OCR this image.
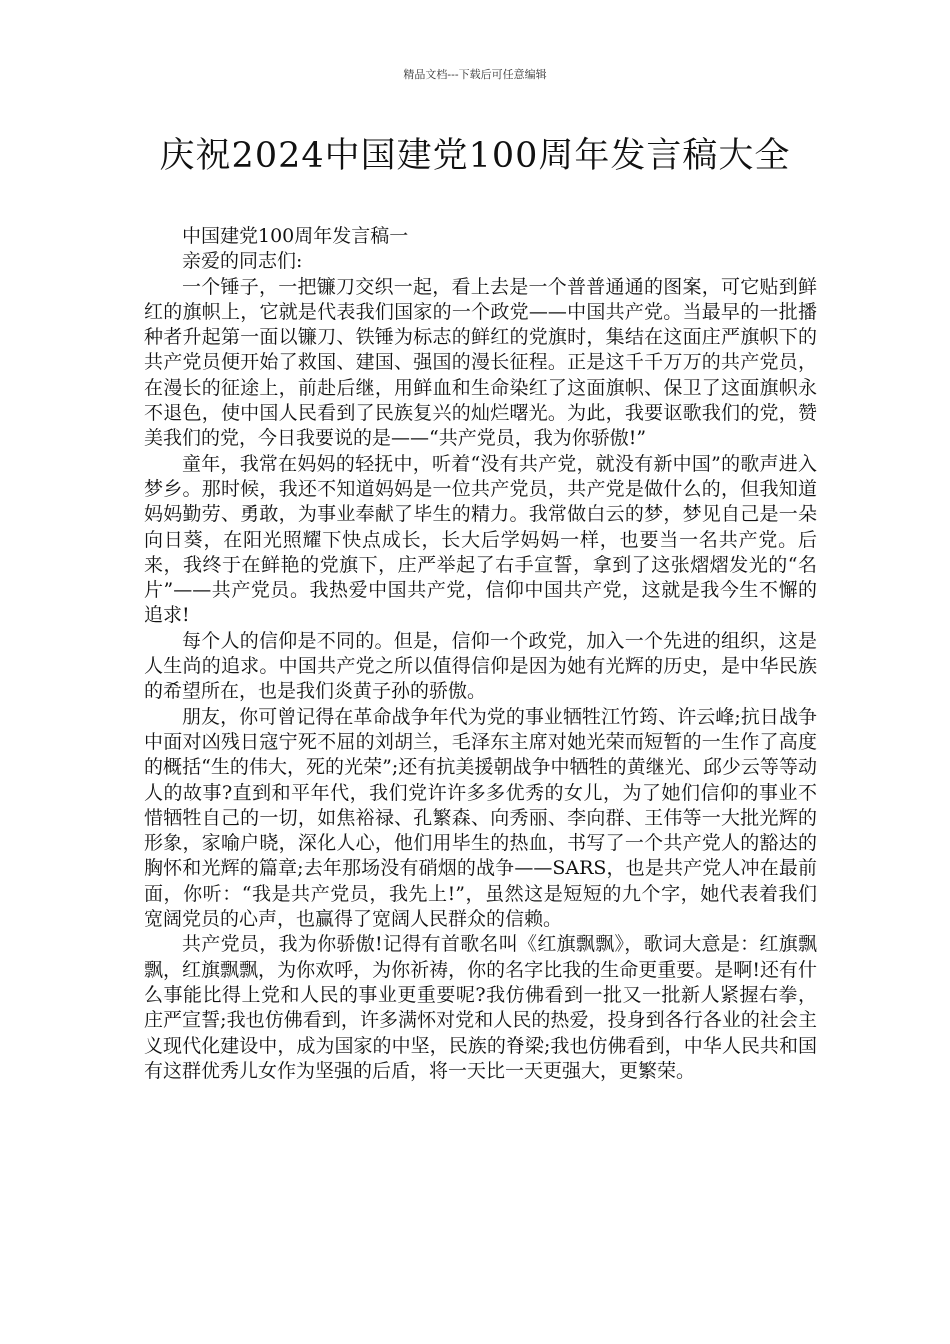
精品文档---下载后可任意编辑
庆祝2024中国建党100周年发言稿大全

中国建党100周年发言稿一

亲爱的同志们:

一个锤子，一把镰刀交织一起，看上去是一个普普通通的图案，可它贴到鲜红的旗帜上，它就是代表我们国家的一个政党——中国共产党。当最早的一批播种者升起第一面以镰刀、铁锤为标志的鲜红的党旗时，集结在这面庄严旗帜下的共产党员便开始了救国、建国、强国的漫长征程。正是这千千万万的共产党员，在漫长的征途上，前赴后继，用鲜血和生命染红了这面旗帜、保卫了这面旗帜永不退色，使中国人民看到了民族复兴的灿烂曙光。为此，我要讴歌我们的党，赞美我们的党，今日我要说的是——“共产党员，我为你骄傲!”

童年，我常在妈妈的轻抚中，听着“没有共产党，就没有新中国”的歌声进入梦乡。那时候，我还不知道妈妈是一位共产党员，共产党是做什么的，但我知道妈妈勤劳、勇敢，为事业奉献了毕生的精力。我常做白云的梦，梦见自己是一朵向日葵，在阳光照耀下快点成长，长大后学妈妈一样，也要当一名共产党。后来，我终于在鲜艳的党旗下，庄严举起了右手宣誓，拿到了这张熠熠发光的“名片”——共产党员。我热爱中国共产党，信仰中国共产党，这就是我今生不懈的追求!

每个人的信仰是不同的。但是，信仰一个政党，加入一个先进的组织，这是人生尚的追求。中国共产党之所以值得信仰是因为她有光辉的历史，是中华民族的希望所在，也是我们炎黄子孙的骄傲。

朋友，你可曾记得在革命战争年代为党的事业牺牲江竹筠、许云峰;抗日战争中面对凶残日寇宁死不屈的刘胡兰，毛泽东主席对她光荣而短暂的一生作了高度的概括“生的伟大，死的光荣”;还有抗美援朝战争中牺牲的黄继光、邱少云等等动人的故事?直到和平年代，我们党许许多多优秀的女儿，为了她们信仰的事业不惜牺牲自己的一切，如焦裕禄、孔繁森、向秀丽、李向群、王伟等一大批光辉的形象，家喻户晓，深化人心，他们用毕生的热血，书写了一个共产党人的豁达的胸怀和光辉的篇章;去年那场没有硝烟的战争——SARS，也是共产党人冲在最前面，你听：“我是共产党员，我先上!”，虽然这是短短的九个字，她代表着我们宽阔党员的心声，也赢得了宽阔人民群众的信赖。

共产党员，我为你骄傲!记得有首歌名叫《红旗飘飘》，歌词大意是：红旗飘飘，红旗飘飘，为你欢呼，为你祈祷，你的名字比我的生命更重要。是啊!还有什么事能比得上党和人民的事业更重要呢?我仿佛看到一批又一批新人紧握右拳，庄严宣誓;我也仿佛看到，许多满怀对党和人民的热爱，投身到各行各业的社会主义现代化建设中，成为国家的中坚，民族的脊梁;我也仿佛看到，中华人民共和国有这群优秀儿女作为坚强的后盾，将一天比一天更强大，更繁荣。
